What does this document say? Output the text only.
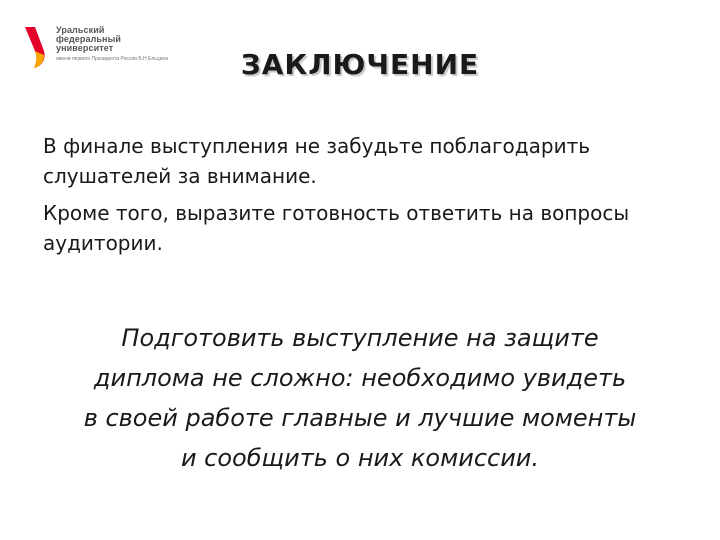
Уральский
федеральный
университет
имени первого Президента России Б.Н.Ельцина	ЗАКЛЮЧЕНИЕ

В финале выступления не забудьте поблагодарить слушателей за внимание.

Кроме того, выразите готовность ответить на вопросы аудитории.

Подготовить выступление на защите
диплома не сложно: необходимо увидеть
в своей работе главные и лучшие моменты
и сообщить о них комиссии.
